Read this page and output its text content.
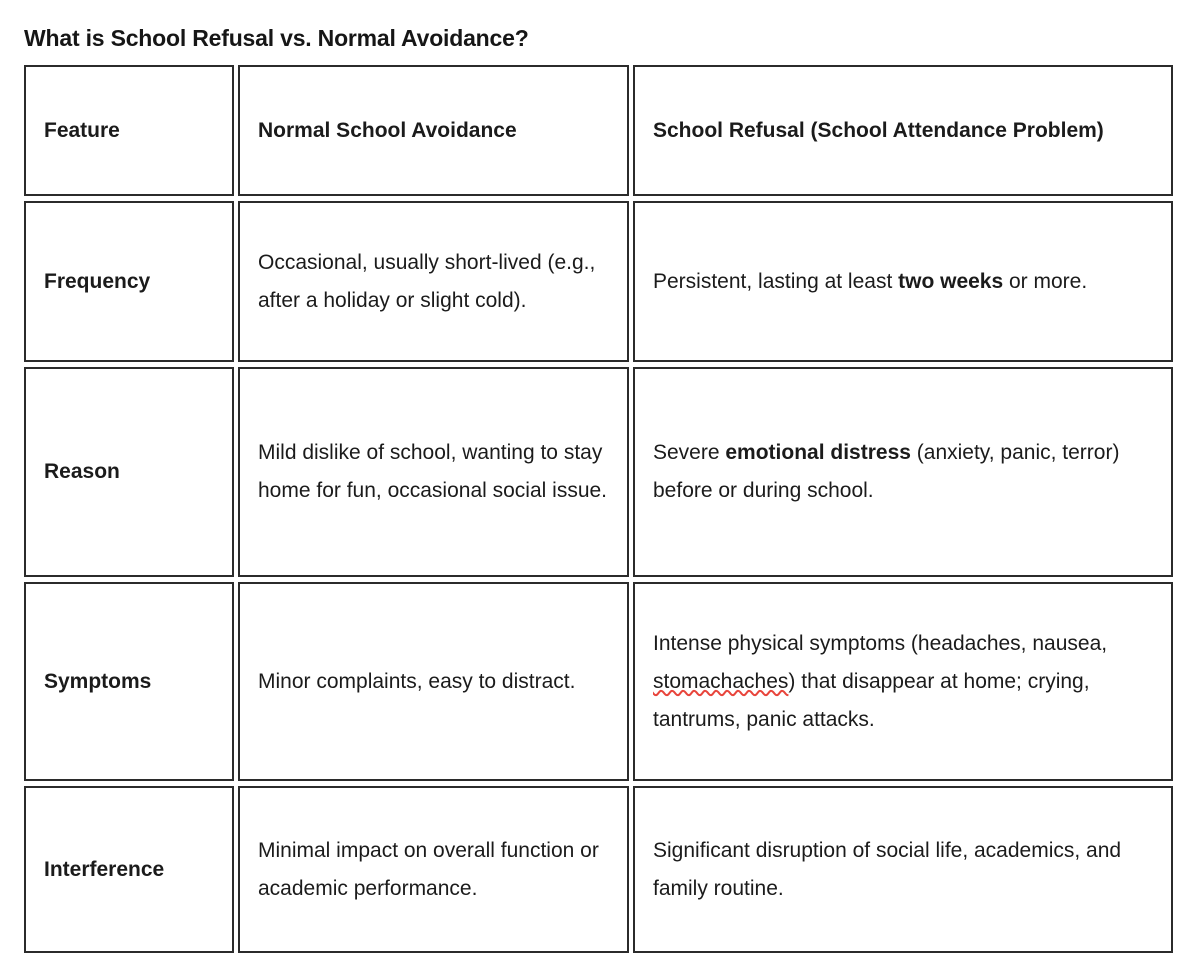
What is School Refusal vs. Normal Avoidance?
Feature	Normal School Avoidance	School Refusal (School Attendance Problem)
Frequency	Occasional, usually short-lived (e.g., after a holiday or slight cold).	Persistent, lasting at least two weeks or more.
Reason	Mild dislike of school, wanting to stay home for fun, occasional social issue.	Severe emotional distress (anxiety, panic, terror) before or during school.
Symptoms	Minor complaints, easy to distract.	Intense physical symptoms (headaches, nausea, stomachaches) that disappear at home; crying, tantrums, panic attacks.
Interference	Minimal impact on overall function or academic performance.	Significant disruption of social life, academics, and family routine.
